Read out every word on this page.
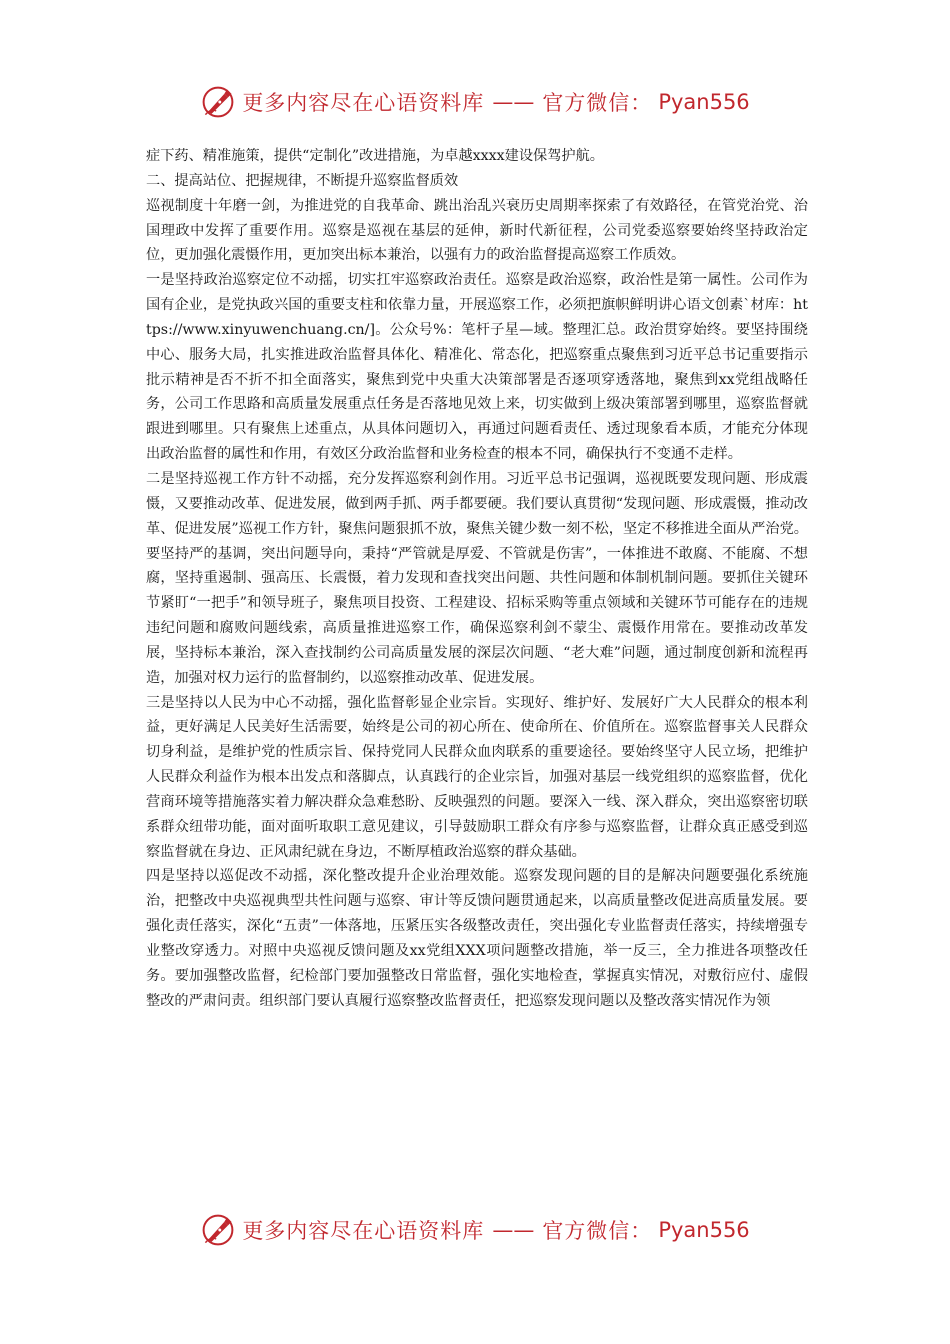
更多内容尽在心语资料库 —— 官方微信： Pyan556

症下药、精准施策，提供“定制化”改进措施，为卓越xxxx建设保驾护航。

二、提高站位、把握规律，不断提升巡察监督质效

巡视制度十年磨一剑，为推进党的自我革命、跳出治乱兴衰历史周期率探索了有效路径，在管党治党、治国理政中发挥了重要作用。巡察是巡视在基层的延伸，新时代新征程，公司党委巡察要始终坚持政治定位，更加强化震慑作用，更加突出标本兼治，以强有力的政治监督提高巡察工作质效。

一是坚持政治巡察定位不动摇，切实扛牢巡察政治责任。巡察是政治巡察，政治性是第一属性。公司作为国有企业，是党执政兴国的重要支柱和依靠力量，开展巡察工作，必须把旗帜鲜明讲心语文创素`材库：https://www.xinyuwenchuang.cn/]。公众号%：笔杆子星—域。整理汇总。政治贯穿始终。要坚持围绕中心、服务大局，扎实推进政治监督具体化、精准化、常态化，把巡察重点聚焦到习近平总书记重要指示批示精神是否不折不扣全面落实，聚焦到党中央重大决策部署是否逐项穿透落地，聚焦到xx党组战略任务，公司工作思路和高质量发展重点任务是否落地见效上来，切实做到上级决策部署到哪里，巡察监督就跟进到哪里。只有聚焦上述重点，从具体问题切入，再通过问题看责任、透过现象看本质，才能充分体现出政治监督的属性和作用，有效区分政治监督和业务检查的根本不同，确保执行不变通不走样。

二是坚持巡视工作方针不动摇，充分发挥巡察利剑作用。习近平总书记强调，巡视既要发现问题、形成震慑，又要推动改革、促进发展，做到两手抓、两手都要硬。我们要认真贯彻“发现问题、形成震慑，推动改革、促进发展”巡视工作方针，聚焦问题狠抓不放，聚焦关键少数一刻不松，坚定不移推进全面从严治党。要坚持严的基调，突出问题导向，秉持“严管就是厚爱、不管就是伤害”，一体推进不敢腐、不能腐、不想腐，坚持重遏制、强高压、长震慑，着力发现和查找突出问题、共性问题和体制机制问题。要抓住关键环节紧盯“一把手”和领导班子，聚焦项目投资、工程建设、招标采购等重点领域和关键环节可能存在的违规违纪问题和腐败问题线索，高质量推进巡察工作，确保巡察利剑不蒙尘、震慑作用常在。要推动改革发展，坚持标本兼治，深入查找制约公司高质量发展的深层次问题、“老大难”问题，通过制度创新和流程再造，加强对权力运行的监督制约，以巡察推动改革、促进发展。

三是坚持以人民为中心不动摇，强化监督彰显企业宗旨。实现好、维护好、发展好广大人民群众的根本利益，更好满足人民美好生活需要，始终是公司的初心所在、使命所在、价值所在。巡察监督事关人民群众切身利益，是维护党的性质宗旨、保持党同人民群众血肉联系的重要途径。要始终坚守人民立场，把维护人民群众利益作为根本出发点和落脚点，认真践行的企业宗旨，加强对基层一线党组织的巡察监督，优化营商环境等措施落实着力解决群众急难愁盼、反映强烈的问题。要深入一线、深入群众，突出巡察密切联系群众纽带功能，面对面听取职工意见建议，引导鼓励职工群众有序参与巡察监督，让群众真正感受到巡察监督就在身边、正风肃纪就在身边，不断厚植政治巡察的群众基础。

四是坚持以巡促改不动摇，深化整改提升企业治理效能。巡察发现问题的目的是解决问题要强化系统施治，把整改中央巡视典型共性问题与巡察、审计等反馈问题贯通起来，以高质量整改促进高质量发展。要强化责任落实，深化“五责”一体落地，压紧压实各级整改责任，突出强化专业监督责任落实，持续增强专业整改穿透力。对照中央巡视反馈问题及xx党组XXX项问题整改措施，举一反三，全力推进各项整改任务。要加强整改监督，纪检部门要加强整改日常监督，强化实地检查，掌握真实情况，对敷衍应付、虚假整改的严肃问责。组织部门要认真履行巡察整改监督责任，把巡察发现问题以及整改落实情况作为领

更多内容尽在心语资料库 —— 官方微信： Pyan556
